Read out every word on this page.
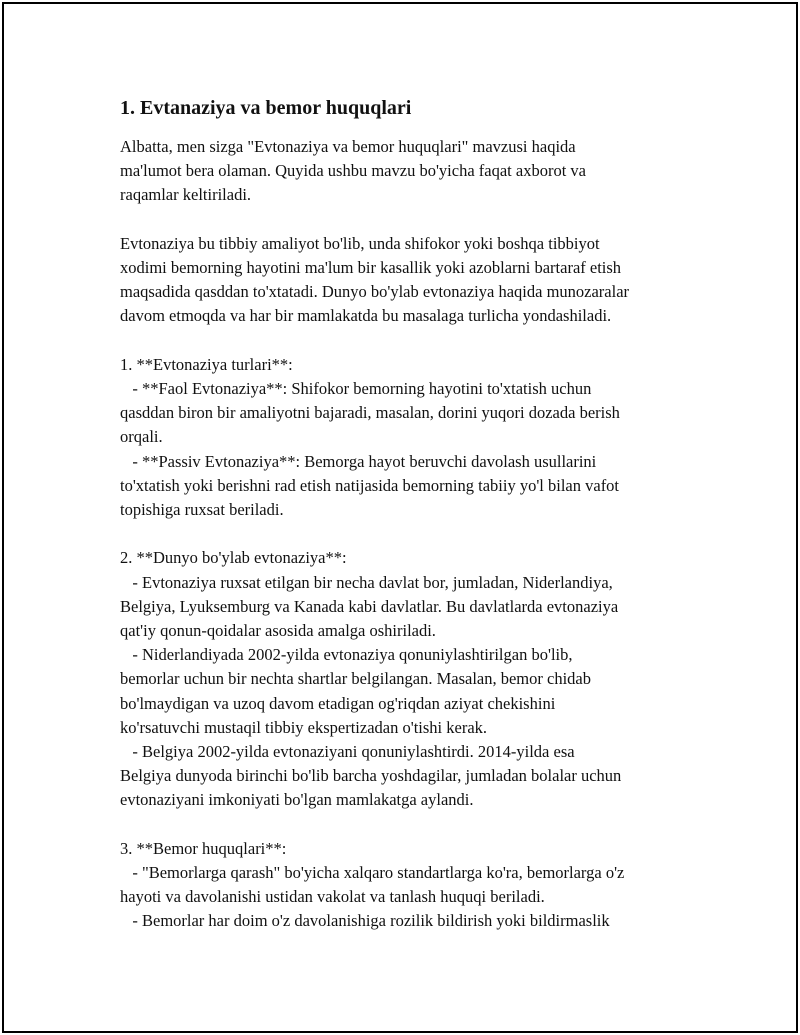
1. Evtanaziya va bemor huquqlari
Albatta, men sizga "Evtonaziya va bemor huquqlari" mavzusi haqida
ma'lumot bera olaman. Quyida ushbu mavzu bo'yicha faqat axborot va
raqamlar keltiriladi.
Evtonaziya bu tibbiy amaliyot bo'lib, unda shifokor yoki boshqa tibbiyot
xodimi bemorning hayotini ma'lum bir kasallik yoki azoblarni bartaraf etish
maqsadida qasddan to'xtatadi. Dunyo bo'ylab evtonaziya haqida munozaralar
davom etmoqda va har bir mamlakatda bu masalaga turlicha yondashiladi.
1. **Evtonaziya turlari**:
- **Faol Evtonaziya**: Shifokor bemorning hayotini to'xtatish uchun
qasddan biron bir amaliyotni bajaradi, masalan, dorini yuqori dozada berish
orqali.
- **Passiv Evtonaziya**: Bemorga hayot beruvchi davolash usullarini
to'xtatish yoki berishni rad etish natijasida bemorning tabiiy yo'l bilan vafot
topishiga ruxsat beriladi.
2. **Dunyo bo'ylab evtonaziya**:
- Evtonaziya ruxsat etilgan bir necha davlat bor, jumladan, Niderlandiya,
Belgiya, Lyuksemburg va Kanada kabi davlatlar. Bu davlatlarda evtonaziya
qat'iy qonun-qoidalar asosida amalga oshiriladi.
- Niderlandiyada 2002-yilda evtonaziya qonuniylashtirilgan bo'lib,
bemorlar uchun bir nechta shartlar belgilangan. Masalan, bemor chidab
bo'lmaydigan va uzoq davom etadigan og'riqdan aziyat chekishini
ko'rsatuvchi mustaqil tibbiy ekspertizadan o'tishi kerak.
- Belgiya 2002-yilda evtonaziyani qonuniylashtirdi. 2014-yilda esa
Belgiya dunyoda birinchi bo'lib barcha yoshdagilar, jumladan bolalar uchun
evtonaziyani imkoniyati bo'lgan mamlakatga aylandi.
3. **Bemor huquqlari**:
- "Bemorlarga qarash" bo'yicha xalqaro standartlarga ko'ra, bemorlarga o'z
hayoti va davolanishi ustidan vakolat va tanlash huquqi beriladi.
- Bemorlar har doim o'z davolanishiga rozilik bildirish yoki bildirmaslik
